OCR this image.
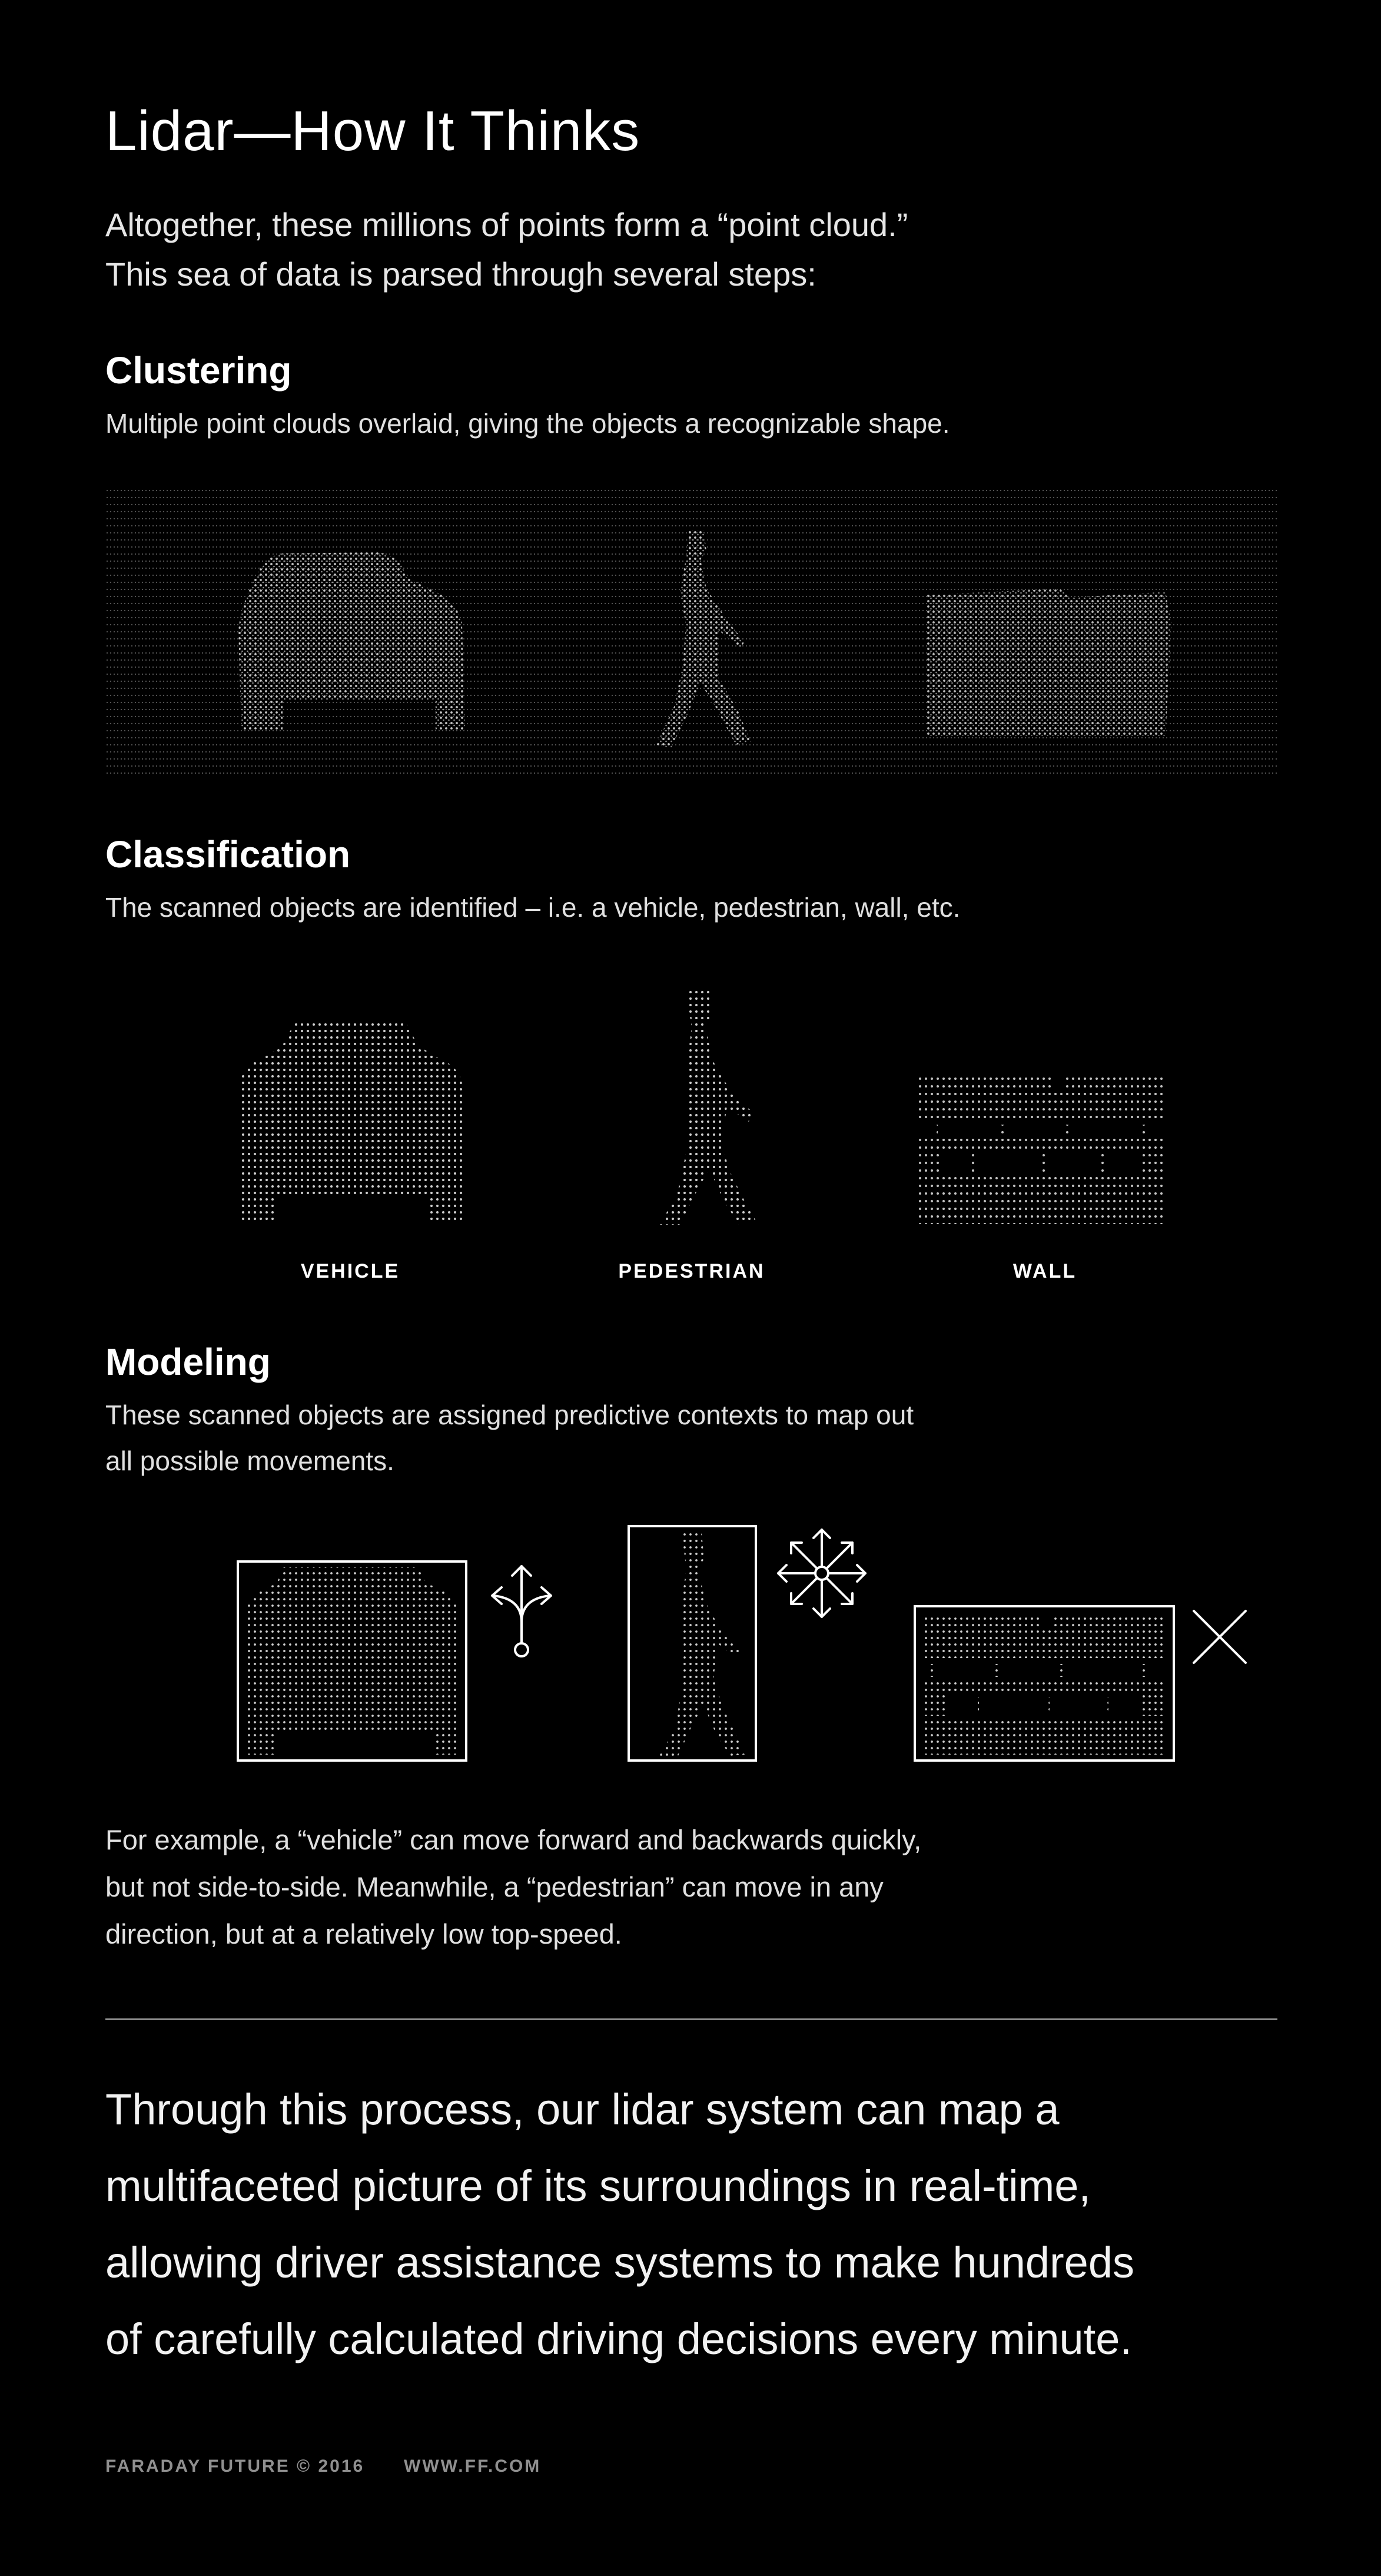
Lidar—How It Thinks
Altogether, these millions of points form a “point cloud.”
This sea of data is parsed through several steps:
Clustering
Multiple point clouds overlaid, giving the objects a recognizable shape.
Classification
The scanned objects are identified – i.e. a vehicle, pedestrian, wall, etc.
VEHICLE	PEDESTRIAN	WALL
Modeling
These scanned objects are assigned predictive contexts to map out
all possible movements.
For example, a “vehicle” can move forward and backwards quickly,
but not side-to-side. Meanwhile, a “pedestrian” can move in any
direction, but at a relatively low top-speed.
Through this process, our lidar system can map a
multifaceted picture of its surroundings in real-time,
allowing driver assistance systems to make hundreds
of carefully calculated driving decisions every minute.
FARADAY FUTURE © 2016 WWW.FF.COM
